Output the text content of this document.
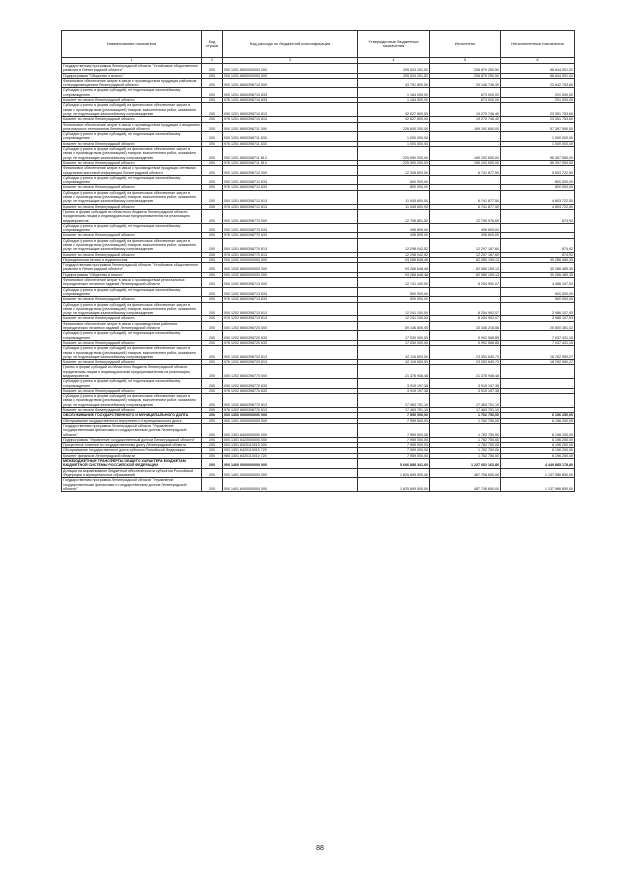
Наименование показателя	Код строки	Код расхода по бюджетной классификации	Утвержденные бюджетные назначения	Исполнено	Неисполненные назначения
1	2	3	4	5	6
Государственная программа Ленинградской области "Устойчивое общественное развитие в Ленинградской области"	200	000 1201 6600000000 000	295 524 151,52	208 879 250,50	86 644 901,02
Подпрограмма "Общество и власть"	200	000 1201 6650000000 000	295 524 151,52	208 879 250,50	86 644 901,02
Финансовое обеспечение затрат в связи с производством продукции районным телерадиовещанием Ленинградской области	200	000 1201 6650398710 000	43 791 800,00	20 148 746,40	23 642 753,60
Субсидии (гранты в форме субсидий), не подлежащие казначейскому сопровождению	200	000 1201 6650398710 633	1 164 000,00	873 000,00	291 000,00
Комитет по печати Ленинградской области	200	976 1201 6650398710 633	1 164 000,00	873 000,00	291 000,00
Субсидии (гранты в форме субсидий) на финансовое обеспечение затрат в связи с производством (реализацией) товаров, выполнением работ, оказанием услуг, не подлежащие казначейскому сопровождению	200	000 1201 6650398710 813	42 627 800,00	19 275 746,40	23 351 753,60
Комитет по печати Ленинградской области	200	976 1201 6650398710 813	42 627 800,00	19 275 746,40	23 351 753,60
Финансовое обеспечение затрат в связи с производством продукции и вещанием региональных телеканалов Ленинградской области	200	000 1201 6650398711 000	226 600 200,00	169 192 650,00	57 397 550,00
Субсидии (гранты в форме субсидий), не подлежащие казначейскому сопровождению	200	000 1201 6650398711 633	1 000 000,00	-	1 000 000,00
Комитет по печати Ленинградской области	200	976 1201 6650398711 633	1 000 000,00	-	1 000 000,00
Субсидии (гранты в форме субсидий) на финансовое обеспечение затрат в связи с производством (реализацией) товаров, выполнением работ, оказанием услуг, не подлежащие казначейскому сопровождению	200	000 1201 6650398711 813	225 590 200,00	169 192 650,00	56 397 550,00
Комитет по печати Ленинградской области	200	976 1201 6650398711 813	225 590 200,00	169 192 650,00	56 397 550,00
Финансовое обеспечение затрат в связи с производством продукции сетевыми средствами массовой информации Ленинградской области	200	000 1201 6650398712 000	12 345 600,00	6 741 877,50	5 603 722,50
Субсидии (гранты в форме субсидий), не подлежащие казначейскому сопровождению	200	000 1201 6650398712 633	800 000,00	-	800 000,00
Комитет по печати Ленинградской области	200	976 1201 6650398712 633	800 000,00	-	800 000,00
Субсидии (гранты в форме субсидий) на финансовое обеспечение затрат в связи с производством (реализацией) товаров, выполнением работ, оказанием услуг, не подлежащие казначейскому сопровождению	200	000 1201 6650398712 813	11 545 600,00	6 741 877,50	4 803 722,50
Комитет по печати Ленинградской области	200	976 1201 6650398712 813	11 545 600,00	6 741 877,50	4 803 722,50
Гранты в форме субсидий из областного бюджета Ленинградской области юридическим лицам и индивидуальным предпринимателям на реализацию медиапроектов	200	000 1201 6650398770 000	12 796 851,52	12 795 976,60	874,92
Субсидии (гранты в форме субсидий), не подлежащие казначейскому сопровождению	200	000 1201 6650398770 633	498 809,00	498 809,00	-
Комитет по печати Ленинградской области	200	976 1201 6650398770 633	498 809,00	498 809,00	-
Субсидии (гранты в форме субсидий) на финансовое обеспечение затрат в связи с производством (реализацией) товаров, выполнением работ, оказанием услуг, не подлежащие казначейскому сопровождению	200	000 1201 6650398770 813	12 298 042,52	12 297 167,60	874,92
Комитет по печати Ленинградской области	200	976 1201 6650398770 813	12 298 042,52	12 297 167,60	874,92
Периодическая печать и издательства	200	000 1202 0000000000 000	93 266 648,48	62 980 159,13	30 286 489,35
Государственная программа Ленинградской области "Устойчивое общественное развитие в Ленинградской области"	200	000 1202 6600000000 000	93 266 648,48	62 980 159,13	30 286 489,35
Подпрограмма "Общество и власть"	200	000 1202 6650000000 000	93 266 648,48	62 980 159,13	30 286 489,35
Финансовое обеспечение затрат в связи с производством региональных периодических печатных изданий Ленинградской области	200	000 1202 6650398713 000	12 741 100,00	8 254 992,07	4 486 107,93
Субсидии (гранты в форме субсидий), не подлежащие казначейскому сопровождению	200	000 1202 6650398713 633	500 000,00	-	500 000,00
Комитет по печати Ленинградской области	200	976 1202 6650398713 633	500 000,00	-	500 000,00
Субсидии (гранты в форме субсидий) на финансовое обеспечение затрат в связи с производством (реализацией) товаров, выполнением работ, оказанием услуг, не подлежащие казначейскому сопровождению	200	000 1202 6650398713 813	12 241 100,00	8 254 992,07	3 986 107,93
Комитет по печати Ленинградской области	200	976 1202 6650398713 813	12 241 100,00	8 254 992,07	3 986 107,93
Финансовое обеспечение затрат в связи с производством районных периодических печатных изданий Ленинградской области	200	000 1202 6650398720 000	59 146 600,00	33 346 218,58	25 800 381,42
Субсидии (гранты в форме субсидий), не подлежащие казначейскому сопровождению	200	000 1202 6650398720 633	17 030 000,00	9 992 568,85	7 037 431,15
Комитет по печати Ленинградской области	200	976 1202 6650398720 633	17 030 000,00	9 992 568,85	7 037 431,15
Субсидии (гранты в форме субсидий) на финансовое обеспечение затрат в связи с производством (реализацией) товаров, выполнением работ, оказанием услуг, не подлежащие казначейскому сопровождению	200	000 1202 6650398720 813	42 116 600,00	23 353 649,73	18 762 950,27
Комитет по печати Ленинградской области	200	976 1202 6650398720 813	42 116 600,00	23 353 649,73	18 762 950,27
Гранты в форме субсидий из областного бюджета Ленинградской области юридическим лицам и индивидуальным предпринимателям на реализацию медиапроектов	200	000 1202 6650398770 000	21 378 948,48	21 378 948,48	-
Субсидии (гранты в форме субсидий), не подлежащие казначейскому сопровождению	200	000 1202 6650398770 633	3 915 197,38	3 915 197,38	-
Комитет по печати Ленинградской области	200	976 1202 6650398770 633	3 915 197,38	3 915 197,38	-
Субсидии (гранты в форме субсидий) на финансовое обеспечение затрат в связи с производством (реализацией) товаров, выполнением работ, оказанием услуг, не подлежащие казначейскому сопровождению	200	000 1202 6650398770 813	17 463 751,10	17 463 751,10	-
Комитет по печати Ленинградской области	200	976 1202 6650398770 813	17 463 751,10	17 463 751,10	-
ОБСЛУЖИВАНИЕ ГОСУДАРСТВЕННОГО И МУНИЦИПАЛЬНОГО ДОЛГА	200	000 1300 0000000000 000	7 959 000,00	1 762 750,00	6 196 250,00
Обслуживание государственного внутреннего и муниципального долга	200	000 1301 0000000000 000	7 959 000,00	1 762 750,00	6 196 250,00
Государственная программа Ленинградской области "Управление государственными финансами и государственным долгом Ленинградской области"	200	000 1301 6400000000 000	7 959 000,00	1 762 750,00	6 196 250,00
Подпрограмма "Управление государственным долгом Ленинградской области"	200	000 1301 6420000000 000	7 959 000,00	1 762 750,00	6 196 250,00
Процентные платежи по государственному долгу Ленинградской области	200	000 1301 6420110010 000	7 959 000,00	1 762 750,00	6 196 250,00
Обслуживание государственного долга субъекта Российской Федерации	200	000 1301 6420110010 720	7 959 000,00	1 762 750,00	6 196 250,00
Комитет финансов Ленинградской области	200	985 1301 6420110010 720	7 959 000,00	1 762 750,00	6 196 250,00
МЕЖБЮДЖЕТНЫЕ ТРАНСФЕРТЫ ОБЩЕГО ХАРАКТЕРА БЮДЖЕТАМ БЮДЖЕТНОЙ СИСТЕМЫ РОССИЙСКОЙ ФЕДЕРАЦИИ	200	000 1400 0000000000 000	5 666 888 341,60	1 237 002 162,80	4 449 885 178,80
Дотации на выравнивание бюджетной обеспеченности субъектов Российской Федерации и муниципальных образований	200	000 1401 0000000000 000	1 625 695 500,00	487 708 650,00	1 137 986 850,00
Государственная программа Ленинградской области "Управление государственными финансами и государственным долгом Ленинградской области"	200	000 1401 6400000000 000	1 625 695 500,00	487 708 650,00	1 137 986 850,00
88
